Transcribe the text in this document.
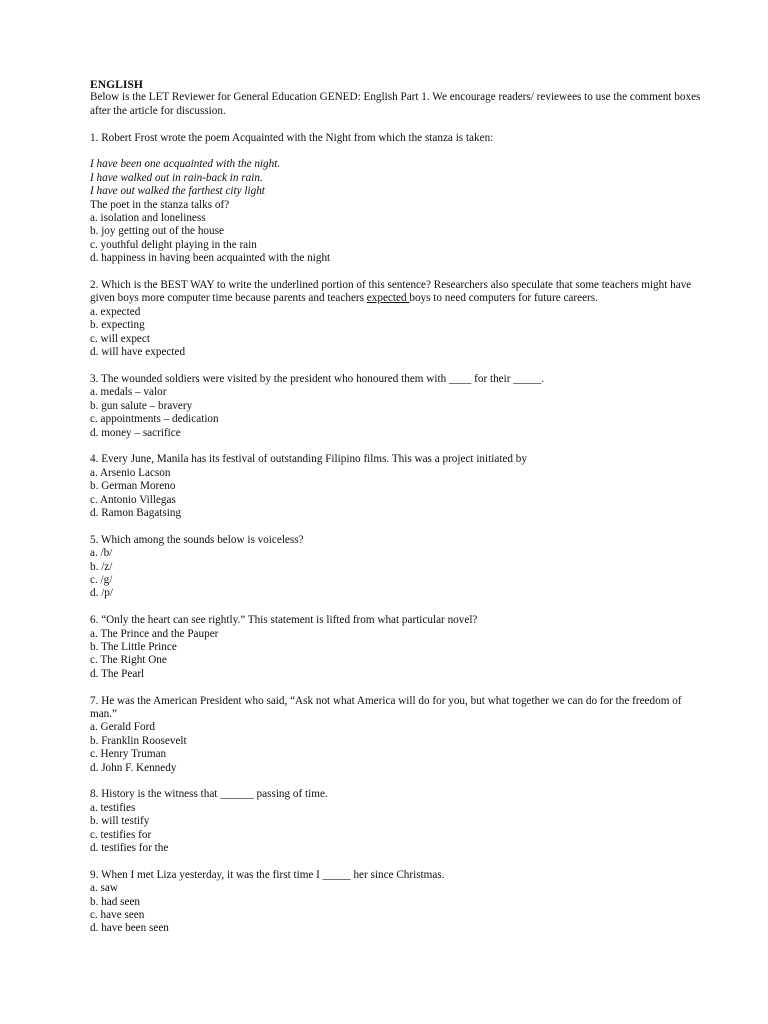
ENGLISH
Below is the LET Reviewer for General Education GENED: English Part 1. We encourage readers/ reviewees to use the comment boxes after the article for discussion.
1. Robert Frost wrote the poem Acquainted with the Night from which the stanza is taken:
I have been one acquainted with the night.
I have walked out in rain-back in rain.
I have out walked the farthest city light
The poet in the stanza talks of?
a. isolation and loneliness
b. joy getting out of the house
c. youthful delight playing in the rain
d. happiness in having been acquainted with the night
2. Which is the BEST WAY to write the underlined portion of this sentence? Researchers also speculate that some teachers might have given boys more computer time because parents and teachers expected boys to need computers for future careers.
a. expected
b. expecting
c. will expect
d. will have expected
3. The wounded soldiers were visited by the president who honoured them with ____ for their _____.
a. medals – valor
b. gun salute – bravery
c. appointments – dedication
d. money – sacrifice
4. Every June, Manila has its festival of outstanding Filipino films. This was a project initiated by
a. Arsenio Lacson
b. German Moreno
c. Antonio Villegas
d. Ramon Bagatsing
5. Which among the sounds below is voiceless?
a. /b/
b. /z/
c. /g/
d. /p/
6. “Only the heart can see rightly.” This statement is lifted from what particular novel?
a. The Prince and the Pauper
b. The Little Prince
c. The Right One
d. The Pearl
7. He was the American President who said, “Ask not what America will do for you, but what together we can do for the freedom of man.”
a. Gerald Ford
b. Franklin Roosevelt
c. Henry Truman
d. John F. Kennedy
8. History is the witness that ______ passing of time.
a. testifies
b. will testify
c. testifies for
d. testifies for the
9. When I met Liza yesterday, it was the first time I _____ her since Christmas.
a. saw
b. had seen
c. have seen
d. have been seen
